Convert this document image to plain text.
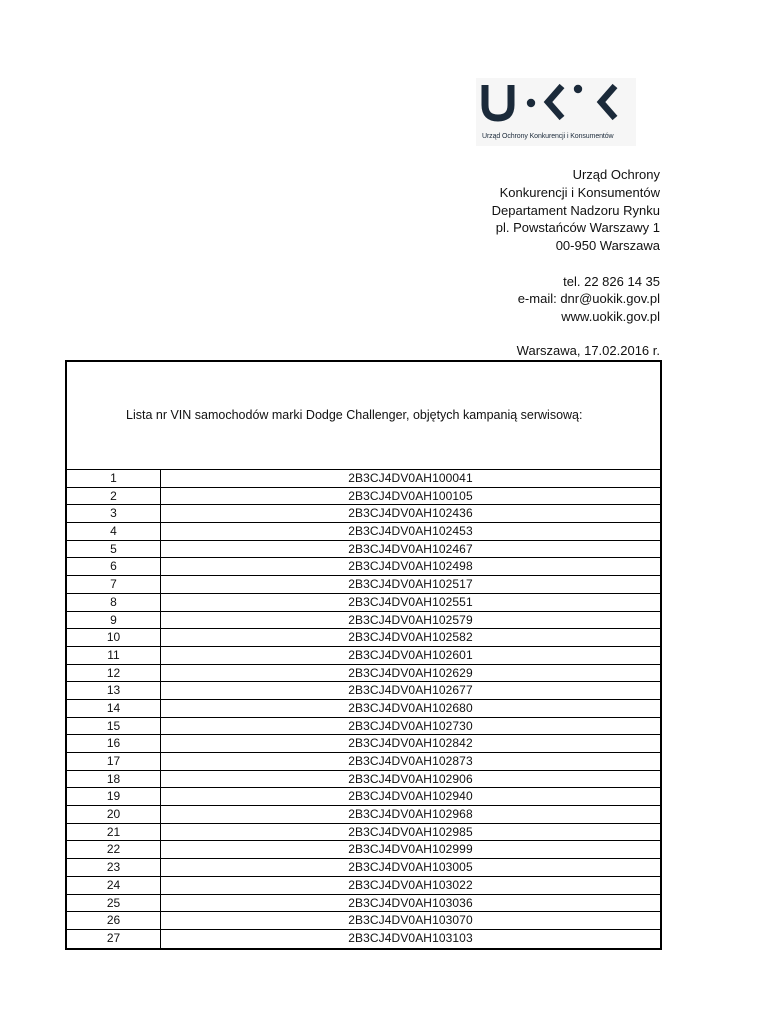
Urząd Ochrony Konkurencji i Konsumentów
Urząd Ochrony
Konkurencji i Konsumentów
Departament Nadzoru Rynku
pl. Powstańców Warszawy 1
00-950 Warszawa
tel. 22 826 14 35
e-mail: dnr@uokik.gov.pl
www.uokik.gov.pl
Warszawa, 17.02.2016 r.
Lista nr VIN samochodów marki Dodge Challenger, objętych kampanią serwisową:
1	2B3CJ4DV0AH100041
2	2B3CJ4DV0AH100105
3	2B3CJ4DV0AH102436
4	2B3CJ4DV0AH102453
5	2B3CJ4DV0AH102467
6	2B3CJ4DV0AH102498
7	2B3CJ4DV0AH102517
8	2B3CJ4DV0AH102551
9	2B3CJ4DV0AH102579
10	2B3CJ4DV0AH102582
11	2B3CJ4DV0AH102601
12	2B3CJ4DV0AH102629
13	2B3CJ4DV0AH102677
14	2B3CJ4DV0AH102680
15	2B3CJ4DV0AH102730
16	2B3CJ4DV0AH102842
17	2B3CJ4DV0AH102873
18	2B3CJ4DV0AH102906
19	2B3CJ4DV0AH102940
20	2B3CJ4DV0AH102968
21	2B3CJ4DV0AH102985
22	2B3CJ4DV0AH102999
23	2B3CJ4DV0AH103005
24	2B3CJ4DV0AH103022
25	2B3CJ4DV0AH103036
26	2B3CJ4DV0AH103070
27	2B3CJ4DV0AH103103
